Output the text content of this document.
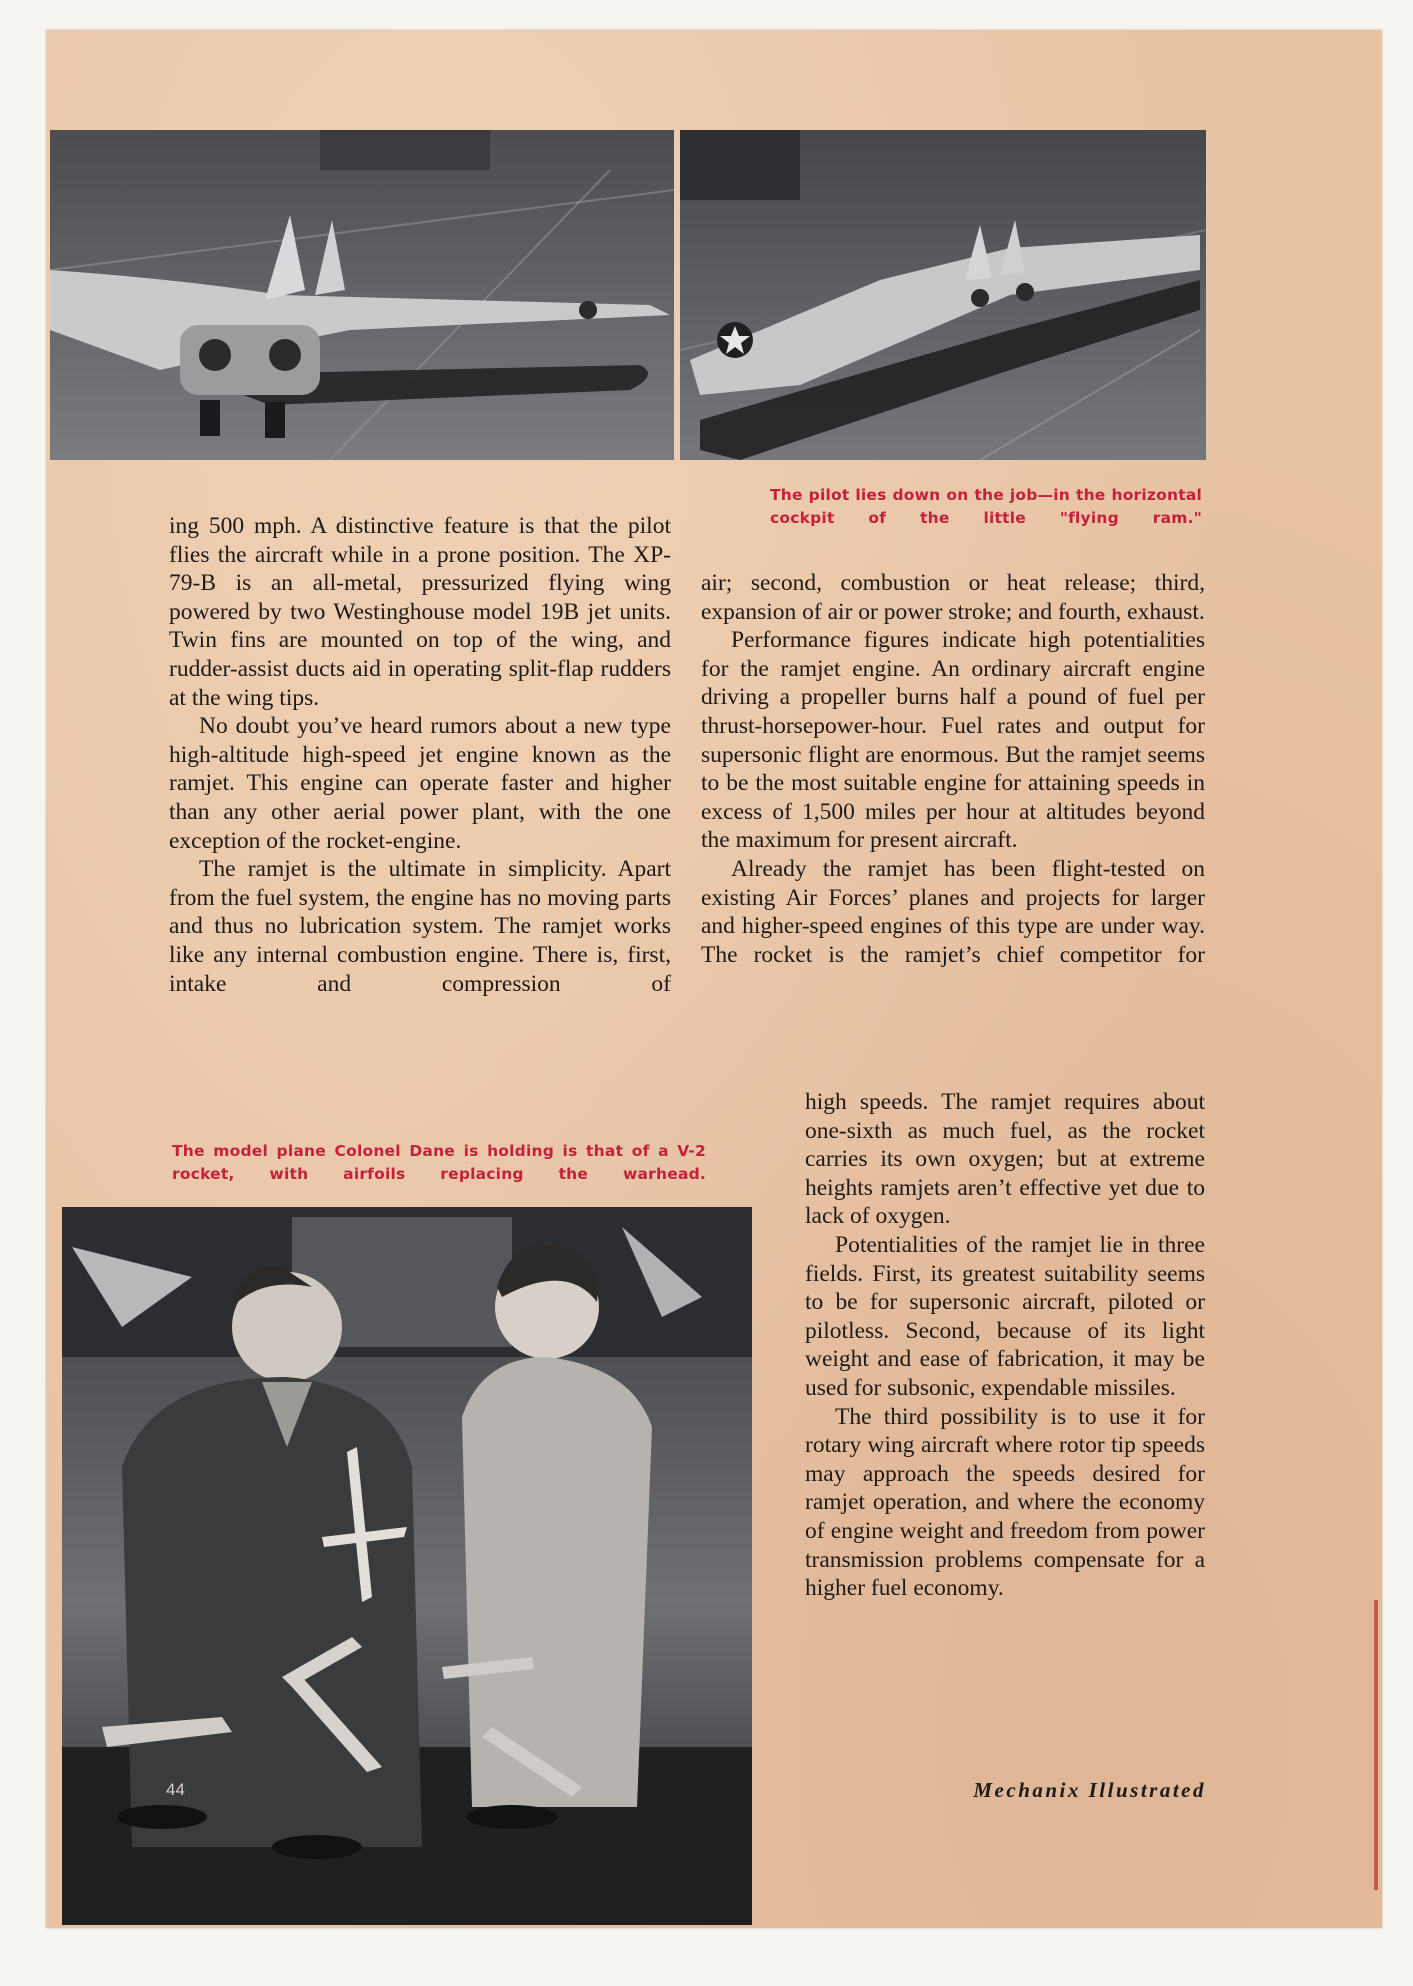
The pilot lies down on the job—in the horizontal cockpit of the little "flying ram."

ing 500 mph. A distinctive feature is that the pilot flies the aircraft while in a prone position. The XP-79-B is an all-metal, pressurized flying wing powered by two Westinghouse model 19B jet units. Twin fins are mounted on top of the wing, and rudder-assist ducts aid in operating split-flap rudders at the wing tips.

No doubt you’ve heard rumors about a new type high-altitude high-speed jet engine known as the ramjet. This engine can operate faster and higher than any other aerial power plant, with the one exception of the rocket-engine.

The ramjet is the ultimate in simplicity. Apart from the fuel system, the engine has no moving parts and thus no lubrication system. The ramjet works like any internal combustion engine. There is, first, intake and compression of

air; second, combustion or heat release; third, expansion of air or power stroke; and fourth, exhaust.

Performance figures indicate high potentialities for the ramjet engine. An ordinary aircraft engine driving a propeller burns half a pound of fuel per thrust-horsepower-hour. Fuel rates and output for supersonic flight are enormous. But the ramjet seems to be the most suitable engine for attaining speeds in excess of 1,500 miles per hour at altitudes beyond the maximum for present aircraft.

Already the ramjet has been flight-tested on existing Air Forces’ planes and projects for larger and higher-speed engines of this type are under way. The rocket is the ramjet’s chief competitor for

high speeds. The ramjet requires about one-sixth as much fuel, as the rocket carries its own oxygen; but at extreme heights ramjets aren’t effective yet due to lack of oxygen.

Potentialities of the ramjet lie in three fields. First, its greatest suitability seems to be for supersonic aircraft, piloted or pilotless. Second, because of its light weight and ease of fabrication, it may be used for subsonic, expendable missiles.

The third possibility is to use it for rotary wing aircraft where rotor tip speeds may approach the speeds desired for ramjet operation, and where the economy of engine weight and freedom from power transmission problems compensate for a higher fuel economy.

The model plane Colonel Dane is holding is that of a V-2 rocket, with airfoils replacing the warhead.
44	Mechanix Illustrated
